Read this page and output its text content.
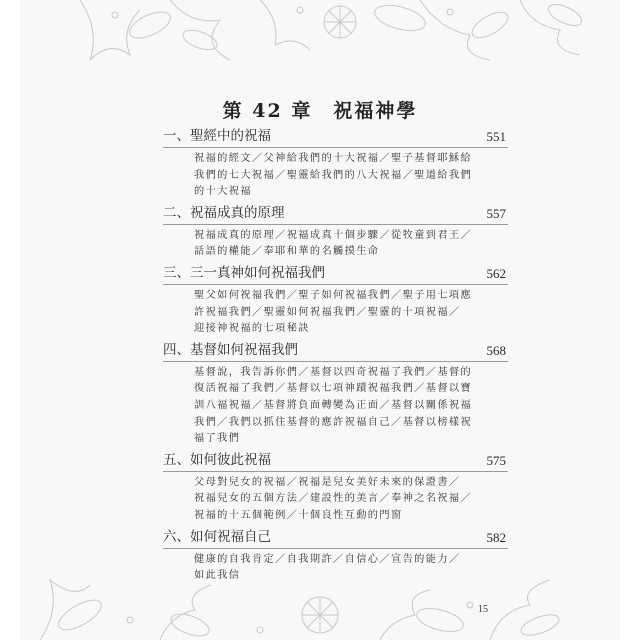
第 42 章　祝福神學
一、聖經中的祝福	551
祝福的經文／父神給我們的十大祝福／聖子基督耶穌給
我們的七大祝福／聖靈給我們的八大祝福／聖道給我們
的十大祝福
二、祝福成真的原理	557
祝福成真的原理／祝福成真十個步驟／從牧童到君王／
話語的權能／奉耶和華的名觸摸生命
三、三一真神如何祝福我們	562
聖父如何祝福我們／聖子如何祝福我們／聖子用七項應
許祝福我們／聖靈如何祝福我們／聖靈的十項祝福／
迎接神祝福的七項秘訣
四、基督如何祝福我們	568
基督說，我告訴你們／基督以四奇祝福了我們／基督的
復活祝福了我們／基督以七項神蹟祝福我們／基督以寶
訓八福祝福／基督將負面轉變為正面／基督以關係祝福
我們／我們以抓住基督的應許祝福自己／基督以榜樣祝
福了我們
五、如何彼此祝福	575
父母對兒女的祝福／祝福是兒女美好未來的保證書／
祝福兒女的五個方法／建設性的美言／奉神之名祝福／
祝福的十五個範例／十個良性互動的門窗
六、如何祝福自己	582
健康的自我肯定／自我期許／自信心／宣告的能力／
如此我信
15
